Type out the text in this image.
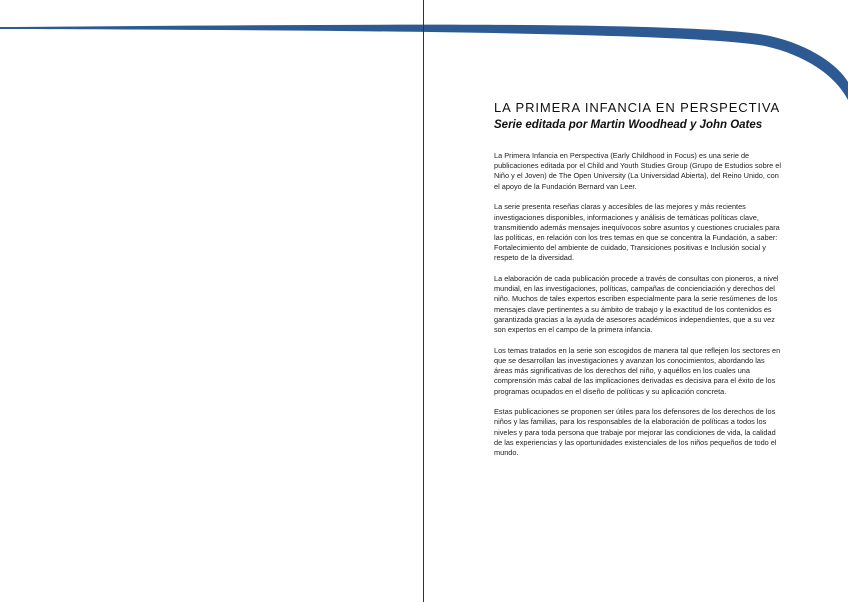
LA PRIMERA INFANCIA EN PERSPECTIVA
Serie editada por Martin Woodhead y John Oates

La Primera Infancia en Perspectiva (Early Childhood in Focus) es una serie de publicaciones editada por el Child and Youth Studies Group (Grupo de Estudios sobre el Niño y el Joven) de The Open University (La Universidad Abierta), del Reino Unido, con el apoyo de la Fundación Bernard van Leer.

La serie presenta reseñas claras y accesibles de las mejores y más recientes investigaciones disponibles, informaciones y análisis de temáticas políticas clave, transmitiendo además mensajes inequívocos sobre asuntos y cuestiones cruciales para las políticas, en relación con los tres temas en que se concentra la Fundación, a saber: Fortalecimiento del ambiente de cuidado, Transiciones positivas e Inclusión social y respeto de la diversidad.

La elaboración de cada publicación procede a través de consultas con pioneros, a nivel mundial, en las investigaciones, políticas, campañas de concienciación y derechos del niño. Muchos de tales expertos escriben especialmente para la serie resúmenes de los mensajes clave pertinentes a su ámbito de trabajo y la exactitud de los contenidos es garantizada gracias a la ayuda de asesores académicos independientes, que a su vez son expertos en el campo de la primera infancia.

Los temas tratados en la serie son escogidos de manera tal que reflejen los sectores en que se desarrollan las investigaciones y avanzan los conocimientos, abordando las áreas más significativas de los derechos del niño, y aquéllos en los cuales una comprensión más cabal de las implicaciones derivadas es decisiva para el éxito de los programas ocupados en el diseño de políticas y su aplicación concreta.

Estas publicaciones se proponen ser útiles para los defensores de los derechos de los niños y las familias, para los responsables de la elaboración de políticas a todos los niveles y para toda persona que trabaje por mejorar las condiciones de vida, la calidad de las experiencias y las oportunidades existenciales de los niños pequeños de todo el mundo.
